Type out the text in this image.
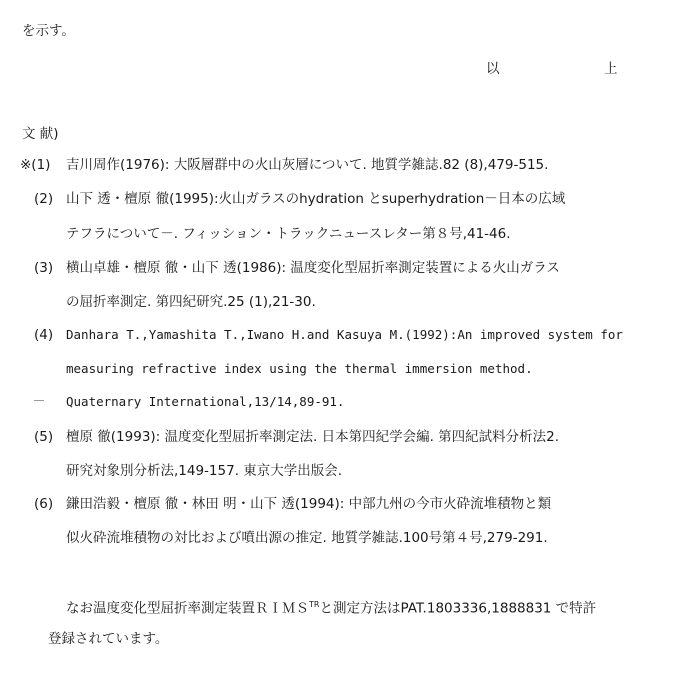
を示す。
以	上
文 献)
※(1) 吉川周作(1976): 大阪層群中の火山灰層について. 地質学雑誌.82 (8),479-515.
(2) 山下 透・檀原 徹(1995):火山ガラスのhydration とsuperhydration－日本の広域
テフラについて－. フィッション・トラックニュースレター第８号,41-46.
(3) 横山卓雄・檀原 徹・山下 透(1986): 温度変化型屈折率測定装置による火山ガラス
の屈折率測定. 第四紀研究.25 (1),21-30.
(4) Danhara T.,Yamashita T.,Iwano H.and Kasuya M.(1992):An improved system for
measuring refractive index using the thermal immersion method.
Quaternary International,13/14,89-91.
(5) 檀原 徹(1993): 温度変化型屈折率測定法. 日本第四紀学会編. 第四紀試料分析法2.
研究対象別分析法,149-157. 東京大学出版会.
(6) 鎌田浩毅・檀原 徹・林田 明・山下 透(1994): 中部九州の今市火砕流堆積物と類
似火砕流堆積物の対比および噴出源の推定. 地質学雑誌.100号第４号,279-291.
なお温度変化型屈折率測定装置ＲＩＭＳ$^{TR}$と測定方法はPAT.1803336,1888831 で特許
登録されています。
